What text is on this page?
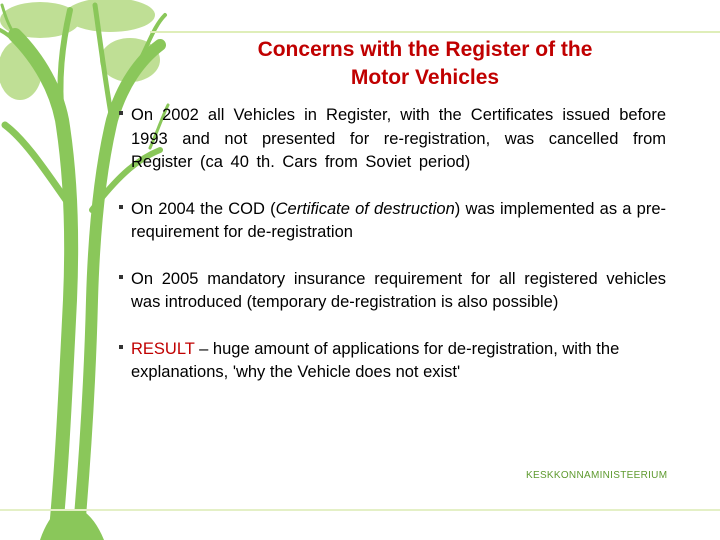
Concerns with the Register of the
Motor Vehicles

On 2002 all Vehicles in Register, with the Certificates issued before 1993 and not presented for re-registration, was cancelled from Register (ca 40 th. Cars from Soviet period)

On 2004 the COD (Certificate of destruction) was implemented as a pre-requirement for de-registration

On 2005 mandatory insurance requirement for all registered vehicles was introduced (temporary de-registration is also possible)

RESULT – huge amount of applications for de-registration, with the explanations, 'why the Vehicle does not exist'

KESKKONNAMINISTEERIUM
